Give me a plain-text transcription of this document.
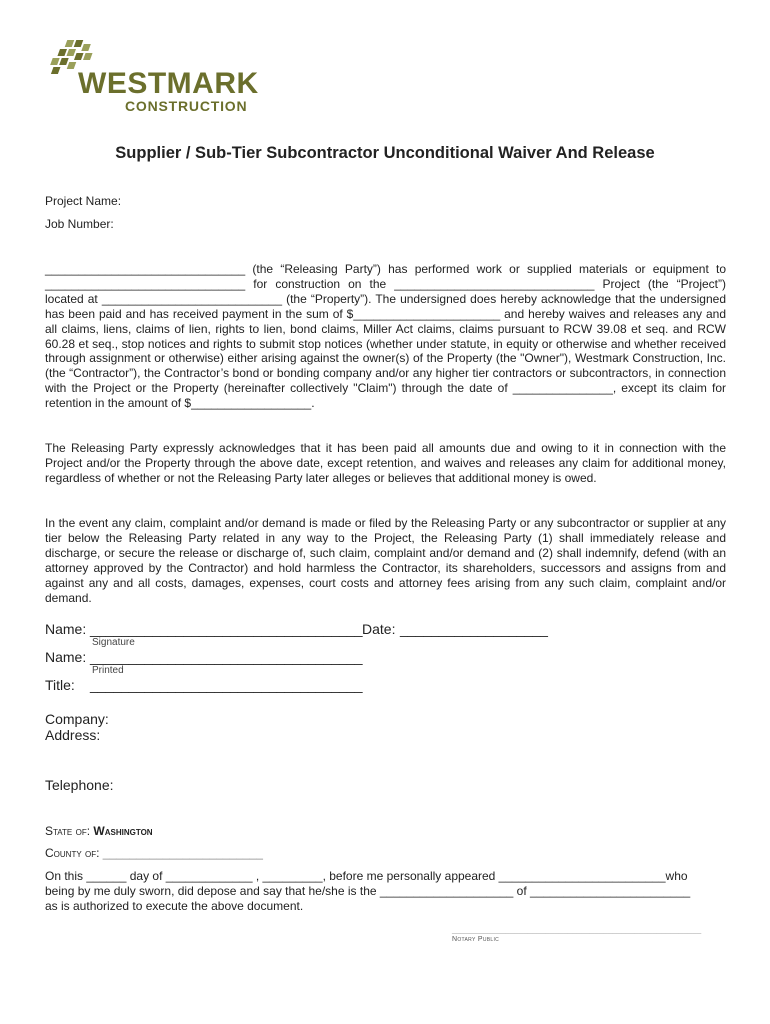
WESTMARK
CONSTRUCTION
Supplier / Sub-Tier Subcontractor Unconditional Waiver And Release
Project Name:
Job Number:
______________________________ (the “Releasing Party”) has performed work or supplied materials or equipment to ______________________________ for construction on the ______________________________ Project (the “Project”) located at ___________________________ (the “Property”). The undersigned does hereby acknowledge that the undersigned has been paid and has received payment in the sum of $______________________ and hereby waives and releases any and all claims, liens, claims of lien, rights to lien, bond claims, Miller Act claims, claims pursuant to RCW 39.08 et seq. and RCW 60.28 et seq., stop notices and rights to submit stop notices (whether under statute, in equity or otherwise and whether received through assignment or otherwise) either arising against the owner(s) of the Property (the "Owner"), Westmark Construction, Inc. (the “Contractor”), the Contractor’s bond or bonding company and/or any higher tier contractors or subcontractors, in connection with the Project or the Property (hereinafter collectively "Claim") through the date of _______________, except its claim for retention in the amount of $__________________.
The Releasing Party expressly acknowledges that it has been paid all amounts due and owing to it in connection with the Project and/or the Property through the above date, except retention, and waives and releases any claim for additional money, regardless of whether or not the Releasing Party later alleges or believes that additional money is owed.
In the event any claim, complaint and/or demand is made or filed by the Releasing Party or any subcontractor or supplier at any tier below the Releasing Party related in any way to the Project, the Releasing Party (1) shall immediately release and discharge, or secure the release or discharge of, such claim, complaint and/or demand and (2) shall indemnify, defend (with an attorney approved by the Contractor) and hold harmless the Contractor, its shareholders, successors and assigns from and against any and all costs, damages, expenses, court costs and attorney fees arising from any such claim, complaint and/or demand.
Name: ___________________________________ Date: ___________________
Signature
Name: ___________________________________
Printed
Title: ___________________________________
Company:
Address:
Telephone:
State of: Washington
County of: ________________________
On this ______ day of _____________ , _________, before me personally appeared _________________________who
being by me duly sworn, did depose and say that he/she is the ____________________ of ________________________
as is authorized to execute the above document.
________________________________________________________
Notary Public
